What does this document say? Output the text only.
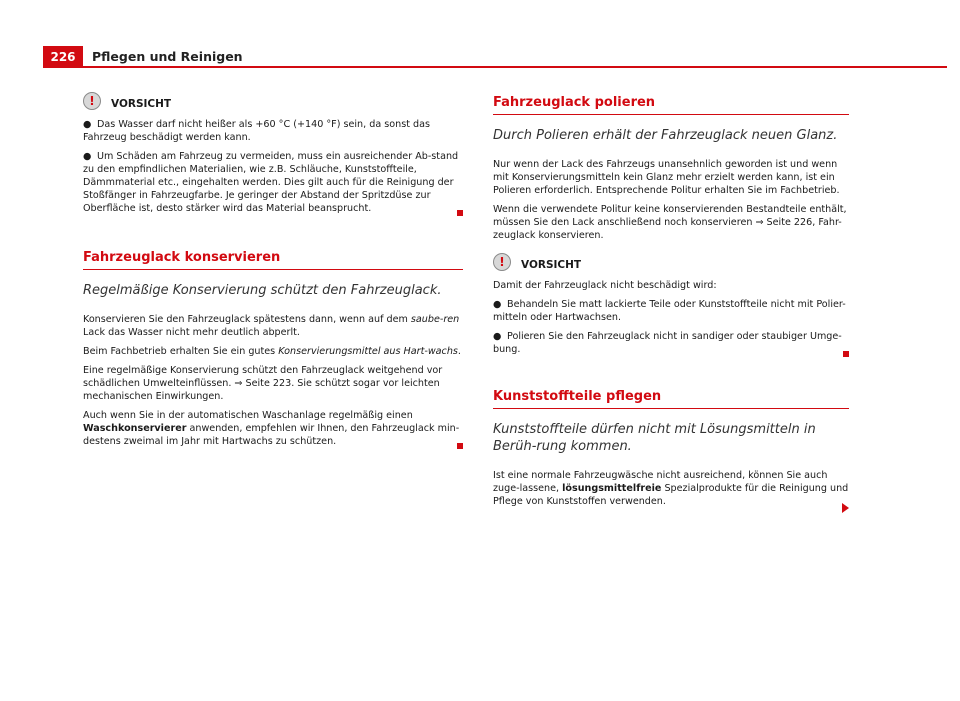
226	Pflegen und Reinigen
!	VORSICHT

● Das Wasser darf nicht heißer als +60 °C (+140 °F) sein, da sonst das Fahrzeug beschädigt werden kann.

● Um Schäden am Fahrzeug zu vermeiden, muss ein ausreichender Ab-stand zu den empfindlichen Materialien, wie z.B. Schläuche, Kunststoffteile, Dämmmaterial etc., eingehalten werden. Dies gilt auch für die Reinigung der Stoßfänger in Fahrzeugfarbe. Je geringer der Abstand der Spritzdüse zur Oberfläche ist, desto stärker wird das Material beansprucht.

Fahrzeuglack konservieren
Regelmäßige Konservierung schützt den Fahrzeuglack.

Konservieren Sie den Fahrzeuglack spätestens dann, wenn auf dem saube-ren Lack das Wasser nicht mehr deutlich abperlt.

Beim Fachbetrieb erhalten Sie ein gutes Konservierungsmittel aus Hart-wachs.

Eine regelmäßige Konservierung schützt den Fahrzeuglack weitgehend vor schädlichen Umwelteinflüssen. ⇒ Seite 223. Sie schützt sogar vor leichten mechanischen Einwirkungen.

Auch wenn Sie in der automatischen Waschanlage regelmäßig einen Waschkonservierer anwenden, empfehlen wir Ihnen, den Fahrzeuglack min-destens zweimal im Jahr mit Hartwachs zu schützen.

Fahrzeuglack polieren
Durch Polieren erhält der Fahrzeuglack neuen Glanz.

Nur wenn der Lack des Fahrzeugs unansehnlich geworden ist und wenn mit Konservierungsmitteln kein Glanz mehr erzielt werden kann, ist ein Polieren erforderlich. Entsprechende Politur erhalten Sie im Fachbetrieb.

Wenn die verwendete Politur keine konservierenden Bestandteile enthält, müssen Sie den Lack anschließend noch konservieren ⇒ Seite 226, Fahr-zeuglack konservieren.

!	VORSICHT

Damit der Fahrzeuglack nicht beschädigt wird:

● Behandeln Sie matt lackierte Teile oder Kunststoffteile nicht mit Polier-mitteln oder Hartwachsen.

● Polieren Sie den Fahrzeuglack nicht in sandiger oder staubiger Umge-bung.

Kunststoffteile pflegen
Kunststoffteile dürfen nicht mit Lösungsmitteln in Berüh-rung kommen.

Ist eine normale Fahrzeugwäsche nicht ausreichend, können Sie auch zuge-lassene, lösungsmittelfreie Spezialprodukte für die Reinigung und Pflege von Kunststoffen verwenden.
